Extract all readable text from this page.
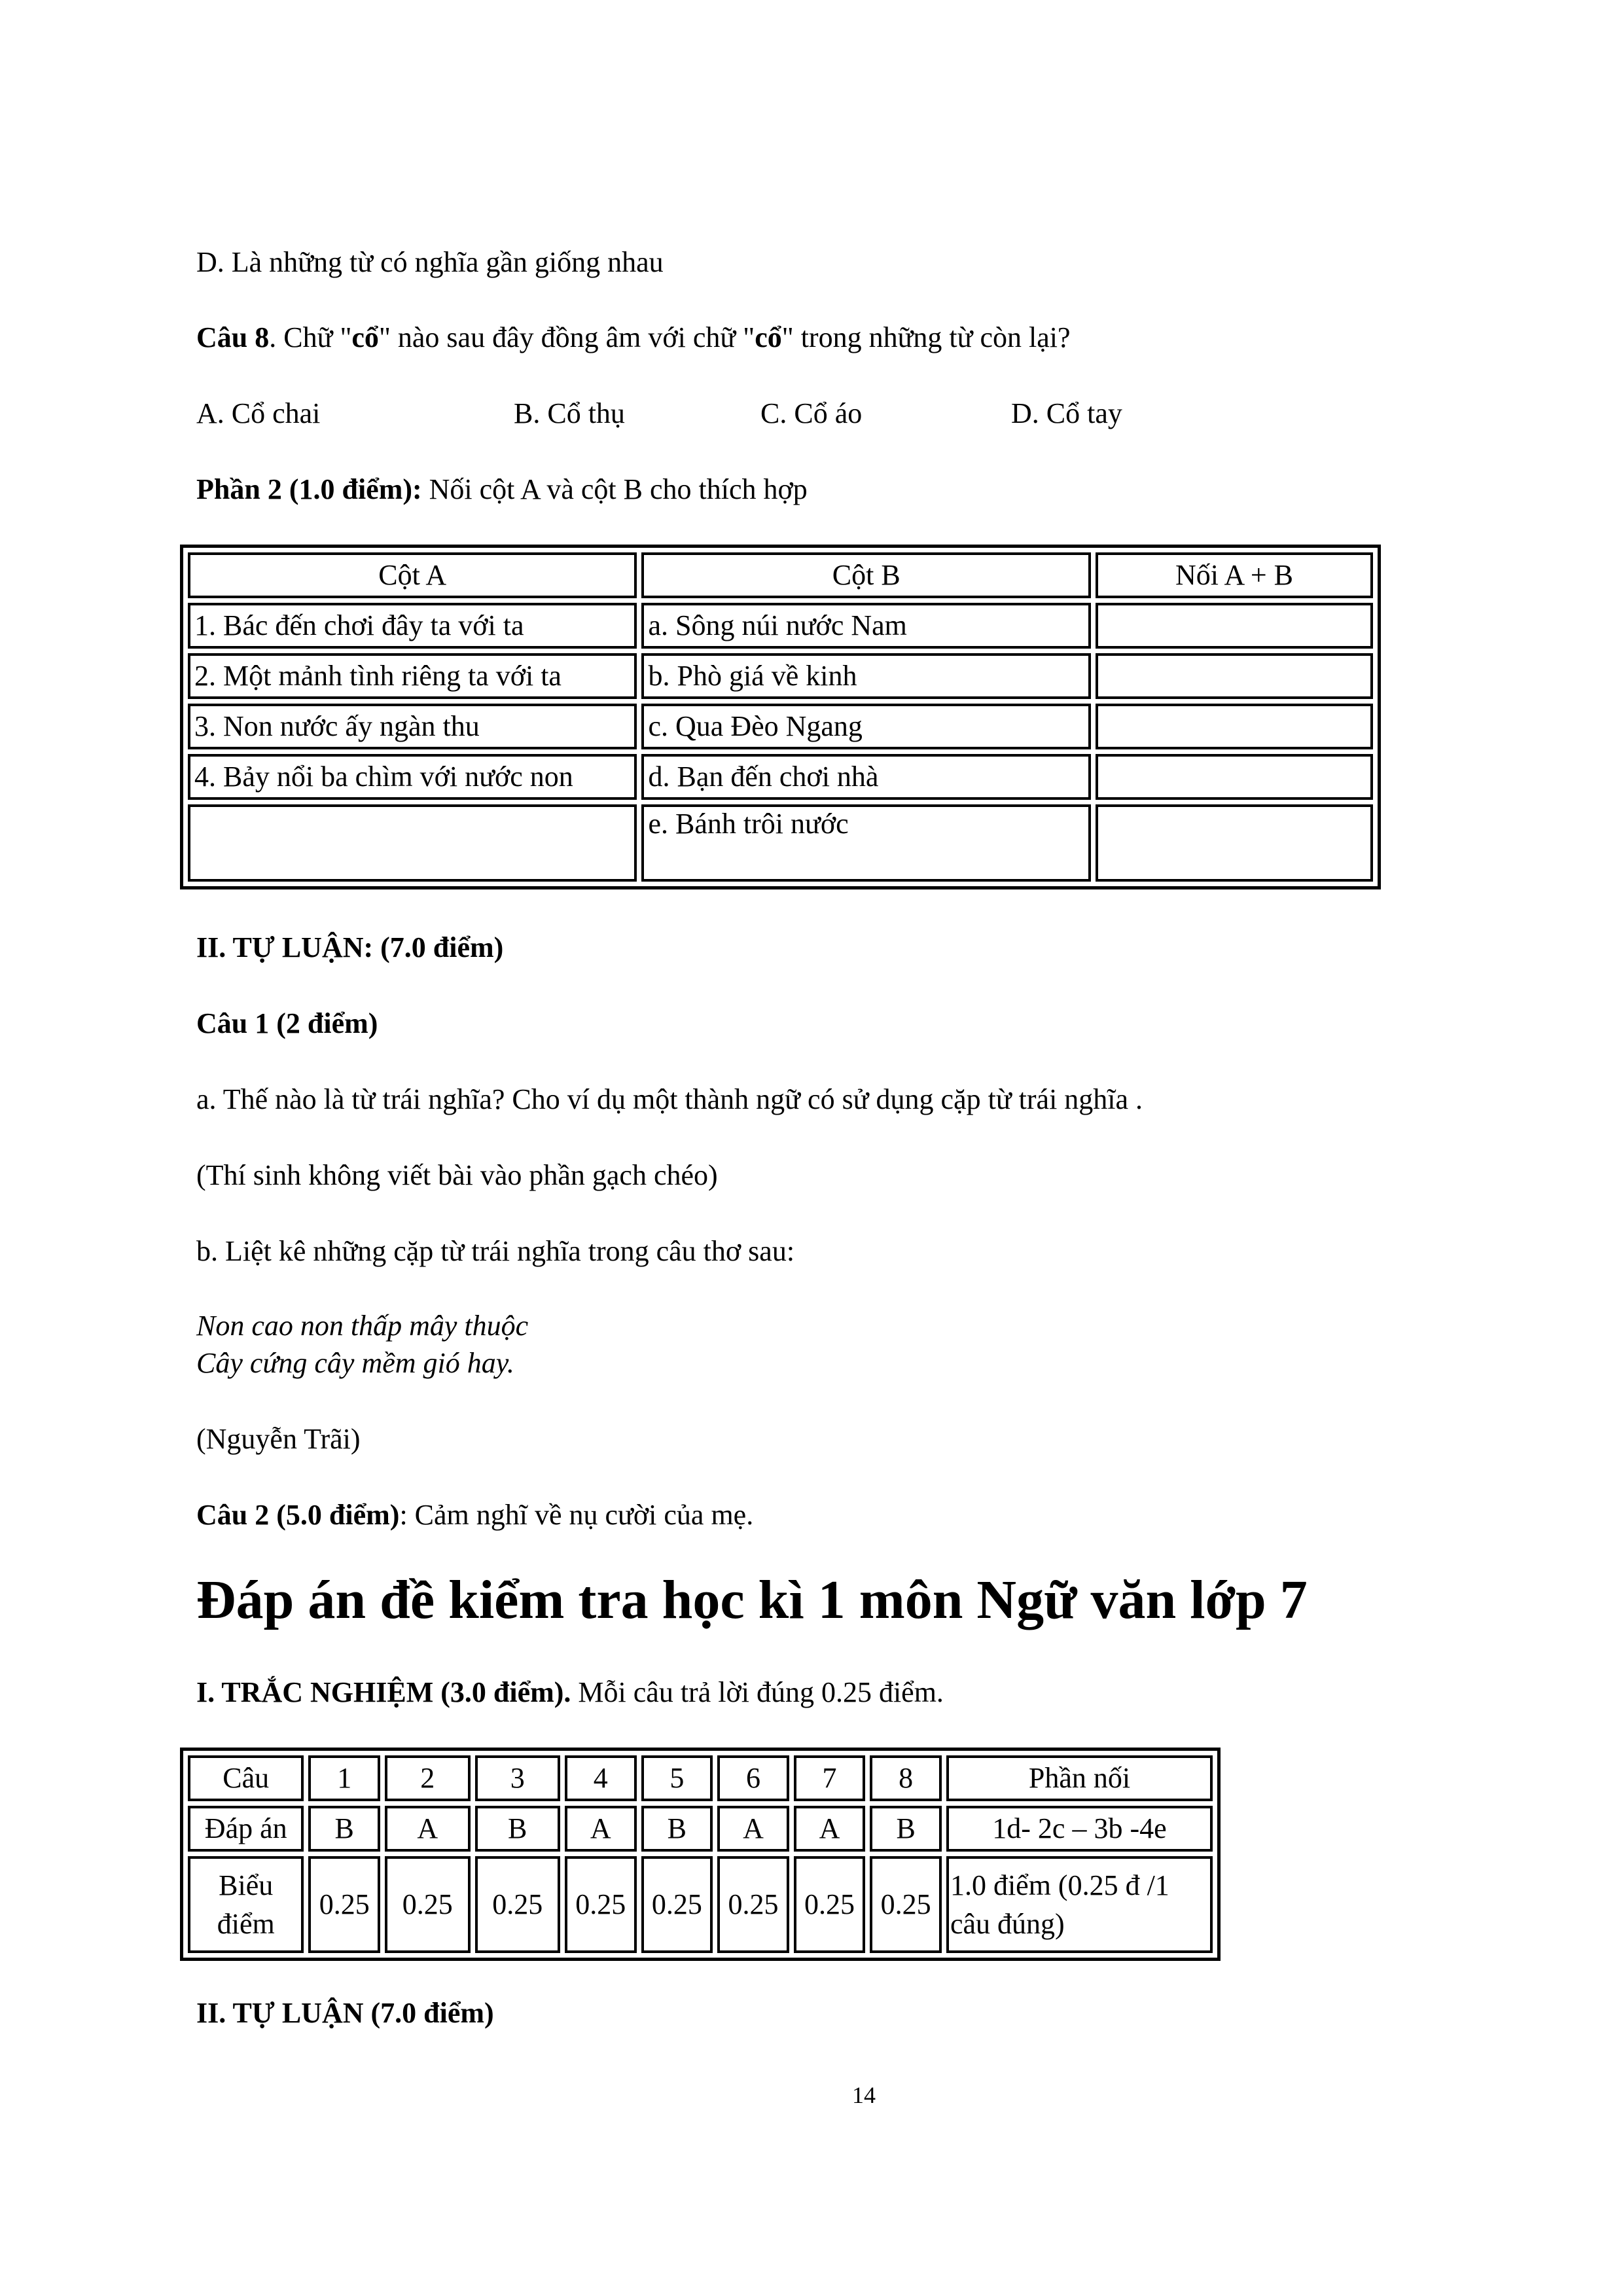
D. Là những từ có nghĩa gần giống nhau

Câu 8. Chữ "cổ" nào sau đây đồng âm với chữ "cổ" trong những từ còn lại?

A. Cổ chai	B. Cổ thụ	C. Cổ áo	D. Cổ tay

Phần 2 (1.0 điểm): Nối cột A và cột B cho thích hợp

Cột A	Cột B	Nối A + B
1. Bác đến chơi đây ta với ta	a. Sông núi nước Nam	
2. Một mảnh tình riêng ta với ta	b. Phò giá về kinh	
3. Non nước ấy ngàn thu	c. Qua Đèo Ngang	
4. Bảy nổi ba chìm với nước non	d. Bạn đến chơi nhà	
	e. Bánh trôi nước	

II. TỰ LUẬN: (7.0 điểm)

Câu 1 (2 điểm)

a. Thế nào là từ trái nghĩa? Cho ví dụ một thành ngữ có sử dụng cặp từ trái nghĩa .

(Thí sinh không viết bài vào phần gạch chéo)

b. Liệt kê những cặp từ trái nghĩa trong câu thơ sau:

Non cao non thấp mây thuộc

Cây cứng cây mềm gió hay.

(Nguyễn Trãi)

Câu 2 (5.0 điểm): Cảm nghĩ về nụ cười của mẹ.

Đáp án đề kiểm tra học kì 1 môn Ngữ văn lớp 7

I. TRẮC NGHIỆM (3.0 điểm). Mỗi câu trả lời đúng 0.25 điểm.

Câu	1	2	3	4	5	6	7	8	Phần nối
Đáp án	B	A	B	A	B	A	A	B	1d- 2c – 3b -4e
Biểu điểm	0.25	0.25	0.25	0.25	0.25	0.25	0.25	0.25	1.0 điểm (0.25 đ /1 câu đúng)

II. TỰ LUẬN (7.0 điểm)

14
